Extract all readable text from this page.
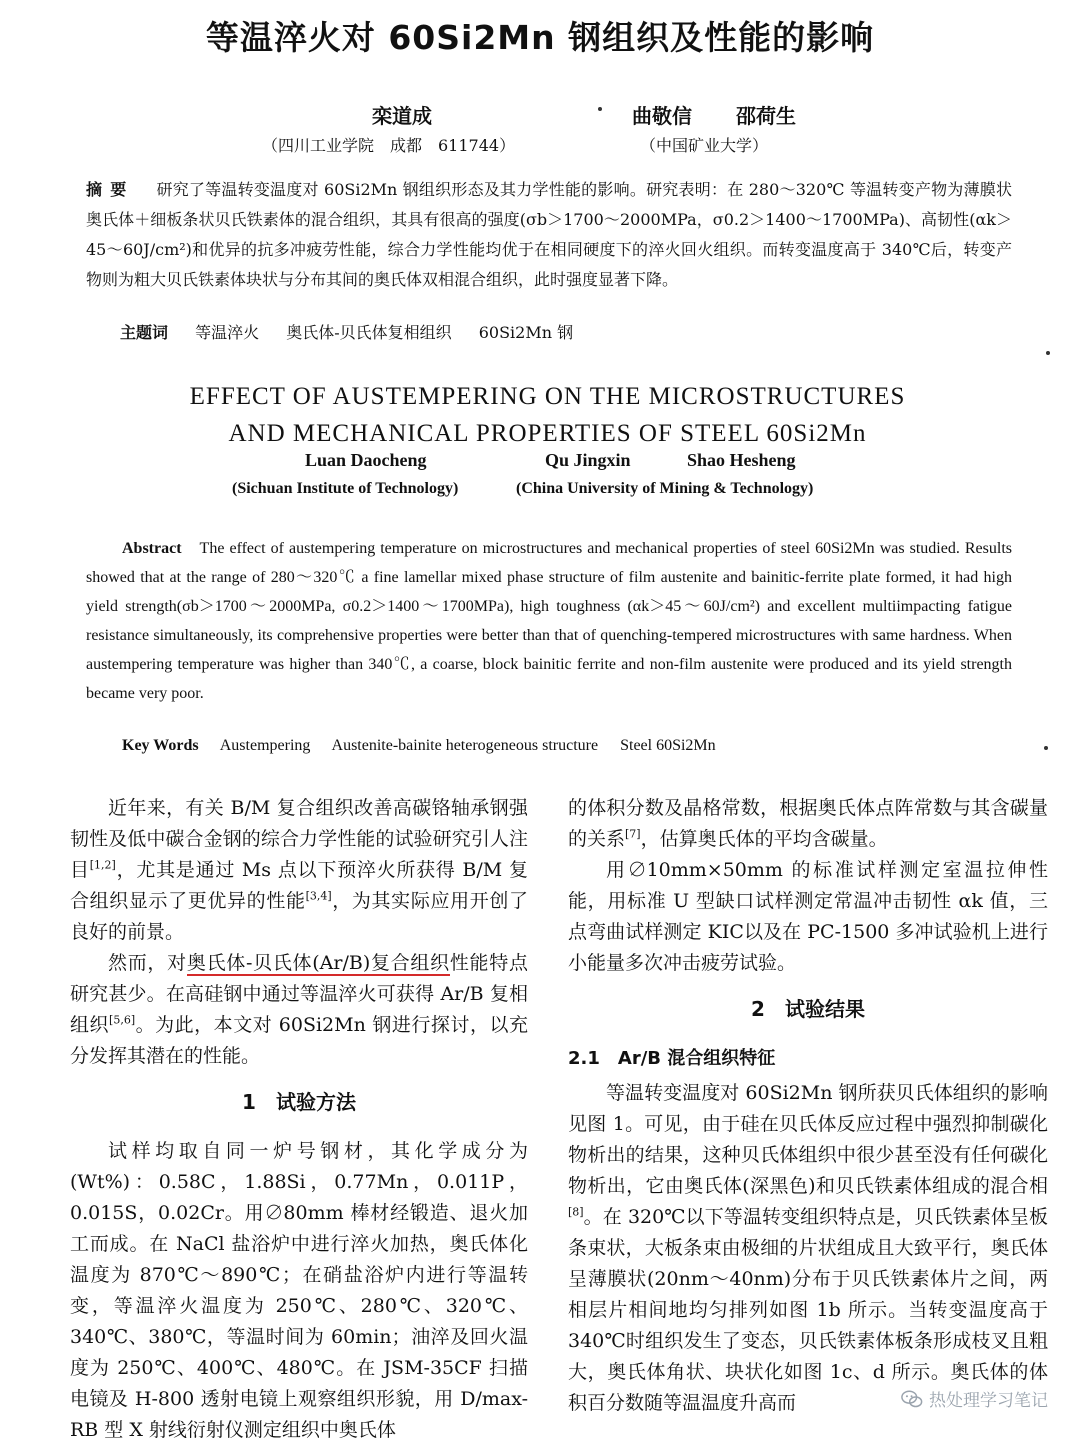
等温淬火对 60Si2Mn 钢组织及性能的影响
栾道成	曲敬信 邵荷生
（四川工业学院　成都　611744）	（中国矿业大学）
摘要 研究了等温转变温度对 60Si2Mn 钢组织形态及其力学性能的影响。研究表明：在 280～320℃ 等温转变产物为薄膜状奥氏体＋细板条状贝氏铁素体的混合组织，其具有很高的强度(σb＞1700～2000MPa，σ0.2＞1400～1700MPa)、高韧性(αk＞45～60J/cm²)和优异的抗多冲疲劳性能，综合力学性能均优于在相同硬度下的淬火回火组织。而转变温度高于 340℃后，转变产物则为粗大贝氏铁素体块状与分布其间的奥氏体双相混合组织，此时强度显著下降。
主题词 等温淬火 奥氏体-贝氏体复相组织 60Si2Mn 钢
EFFECT OF AUSTEMPERING ON THE MICROSTRUCTURES
AND MECHANICAL PROPERTIES OF STEEL 60Si2Mn
Luan Daocheng	Qu Jingxin	Shao Hesheng
(Sichuan Institute of Technology)	(China University of Mining & Technology)
Abstract The effect of austempering temperature on microstructures and mechanical properties of steel 60Si2Mn was studied. Results showed that at the range of 280～320℃ a fine lamellar mixed phase structure of film austenite and bainitic-ferrite plate formed, it had high yield strength(σb＞1700～2000MPa, σ0.2＞1400～1700MPa), high toughness (αk＞45～60J/cm²) and excellent multiimpacting fatigue resistance simultaneously, its comprehensive properties were better than that of quenching-tempered microstructures with same hardness. When austempering temperature was higher than 340℃, a coarse, block bainitic ferrite and non-film austenite were produced and its yield strength became very poor.
Key Words Austempering Austenite-bainite heterogeneous structure Steel 60Si2Mn

近年来，有关 B/M 复合组织改善高碳铬轴承钢强韧性及低中碳合金钢的综合力学性能的试验研究引人注目[1,2]，尤其是通过 Ms 点以下预淬火所获得 B/M 复合组织显示了更优异的性能[3,4]，为其实际应用开创了良好的前景。

然而，对奥氏体-贝氏体(Ar/B)复合组织性能特点研究甚少。在高硅钢中通过等温淬火可获得 Ar/B 复相组织[5,6]。为此，本文对 60Si2Mn 钢进行探讨，以充分发挥其潜在的性能。

1　试验方法

试样均取自同一炉号钢材，其化学成分为(Wt%)：0.58C，1.88Si，0.77Mn，0.011P，0.015S，0.02Cr。用∅80mm 棒材经锻造、退火加工而成。在 NaCl 盐浴炉中进行淬火加热，奥氏体化温度为 870℃～890℃；在硝盐浴炉内进行等温转变，等温淬火温度为 250℃、280℃、320℃、340℃、380℃，等温时间为 60min；油淬及回火温度为 250℃、400℃、480℃。在 JSM-35CF 扫描电镜及 H-800 透射电镜上观察组织形貌，用 D/max-RB 型 X 射线衍射仪测定组织中奥氏体

的体积分数及晶格常数，根据奥氏体点阵常数与其含碳量的关系[7]，估算奥氏体的平均含碳量。

用∅10mm×50mm 的标准试样测定室温拉伸性能，用标准 U 型缺口试样测定常温冲击韧性 αk 值，三点弯曲试样测定 KIC以及在 PC-1500 多冲试验机上进行小能量多次冲击疲劳试验。

2　试验结果
2.1　Ar/B 混合组织特征

等温转变温度对 60Si2Mn 钢所获贝氏体组织的影响见图 1。可见，由于硅在贝氏体反应过程中强烈抑制碳化物析出的结果，这种贝氏体组织中很少甚至没有任何碳化物析出，它由奥氏体(深黑色)和贝氏铁素体组成的混合相[8]。在 320℃以下等温转变组织特点是，贝氏铁素体呈板条束状，大板条束由极细的片状组成且大致平行，奥氏体呈薄膜状(20nm～40nm)分布于贝氏铁素体片之间，两相层片相间地均匀排列如图 1b 所示。当转变温度高于 340℃时组织发生了变态，贝氏铁素体板条形成枝叉且粗大，奥氏体角状、块状化如图 1c、d 所示。奥氏体的体积百分数随等温温度升高而	热处理学习笔记
